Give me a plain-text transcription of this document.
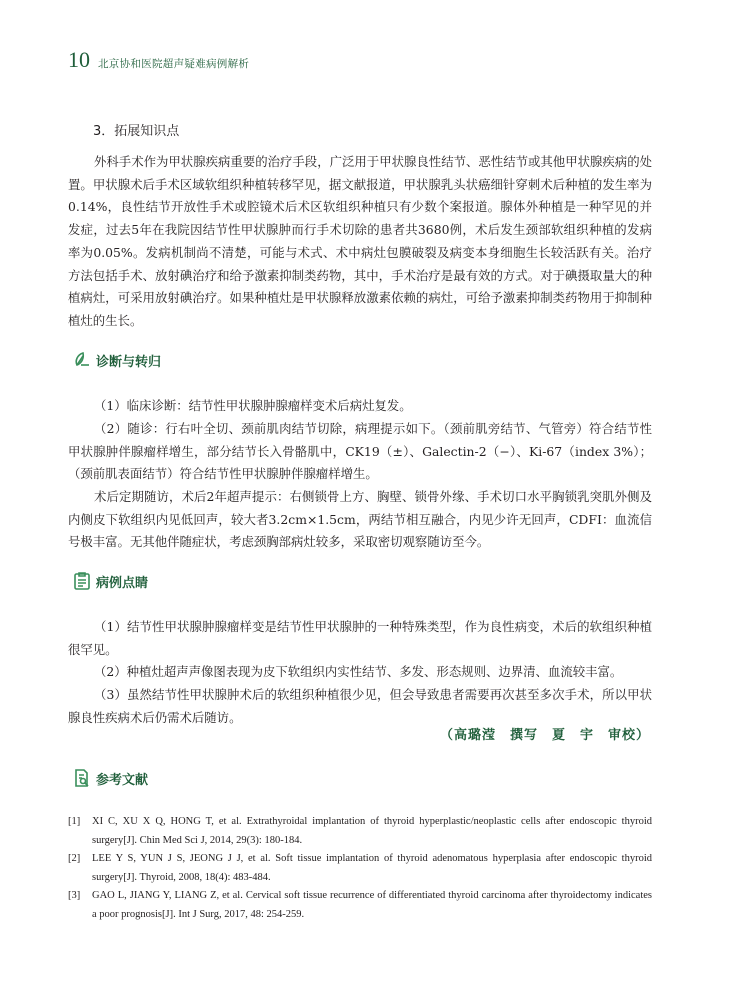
10 北京协和医院超声疑难病例解析
3．拓展知识点

外科手术作为甲状腺疾病重要的治疗手段，广泛用于甲状腺良性结节、恶性结节或其他甲状腺疾病的处置。甲状腺术后手术区域软组织种植转移罕见，据文献报道，甲状腺乳头状癌细针穿刺术后种植的发生率为0.14%，良性结节开放性手术或腔镜术后术区软组织种植只有少数个案报道。腺体外种植是一种罕见的并发症，过去5年在我院因结节性甲状腺肿而行手术切除的患者共3680例，术后发生颈部软组织种植的发病率为0.05%。发病机制尚不清楚，可能与术式、术中病灶包膜破裂及病变本身细胞生长较活跃有关。治疗方法包括手术、放射碘治疗和给予激素抑制类药物，其中，手术治疗是最有效的方式。对于碘摄取量大的种植病灶，可采用放射碘治疗。如果种植灶是甲状腺释放激素依赖的病灶，可给予激素抑制类药物用于抑制种植灶的生长。

诊断与转归

（1）临床诊断：结节性甲状腺肿腺瘤样变术后病灶复发。

（2）随诊：行右叶全切、颈前肌肉结节切除，病理提示如下。（颈前肌旁结节、气管旁）符合结节性甲状腺肿伴腺瘤样增生，部分结节长入骨骼肌中，CK19（±）、Galectin-2（−）、Ki-67（index 3%）；（颈前肌表面结节）符合结节性甲状腺肿伴腺瘤样增生。

术后定期随访，术后2年超声提示：右侧锁骨上方、胸壁、锁骨外缘、手术切口水平胸锁乳突肌外侧及内侧皮下软组织内见低回声，较大者3.2cm×1.5cm，两结节相互融合，内见少许无回声，CDFI：血流信号极丰富。无其他伴随症状，考虑颈胸部病灶较多，采取密切观察随访至今。

病例点睛

（1）结节性甲状腺肿腺瘤样变是结节性甲状腺肿的一种特殊类型，作为良性病变，术后的软组织种植很罕见。

（2）种植灶超声声像图表现为皮下软组织内实性结节、多发、形态规则、边界清、血流较丰富。

（3）虽然结节性甲状腺肿术后的软组织种植很少见，但会导致患者需要再次甚至多次手术，所以甲状腺良性疾病术后仍需术后随访。

（高璐滢　撰写　夏　宇　审校）
参考文献
[1] XI C, XU X Q, HONG T, et al. Extrathyroidal implantation of thyroid hyperplastic/neoplastic cells after endoscopic thyroid surgery[J]. Chin Med Sci J, 2014, 29(3): 180-184.
[2] LEE Y S, YUN J S, JEONG J J, et al. Soft tissue implantation of thyroid adenomatous hyperplasia after endoscopic thyroid surgery[J]. Thyroid, 2008, 18(4): 483-484.
[3] GAO L, JIANG Y, LIANG Z, et al. Cervical soft tissue recurrence of differentiated thyroid carcinoma after thyroidectomy indicates a poor prognosis[J]. Int J Surg, 2017, 48: 254-259.
